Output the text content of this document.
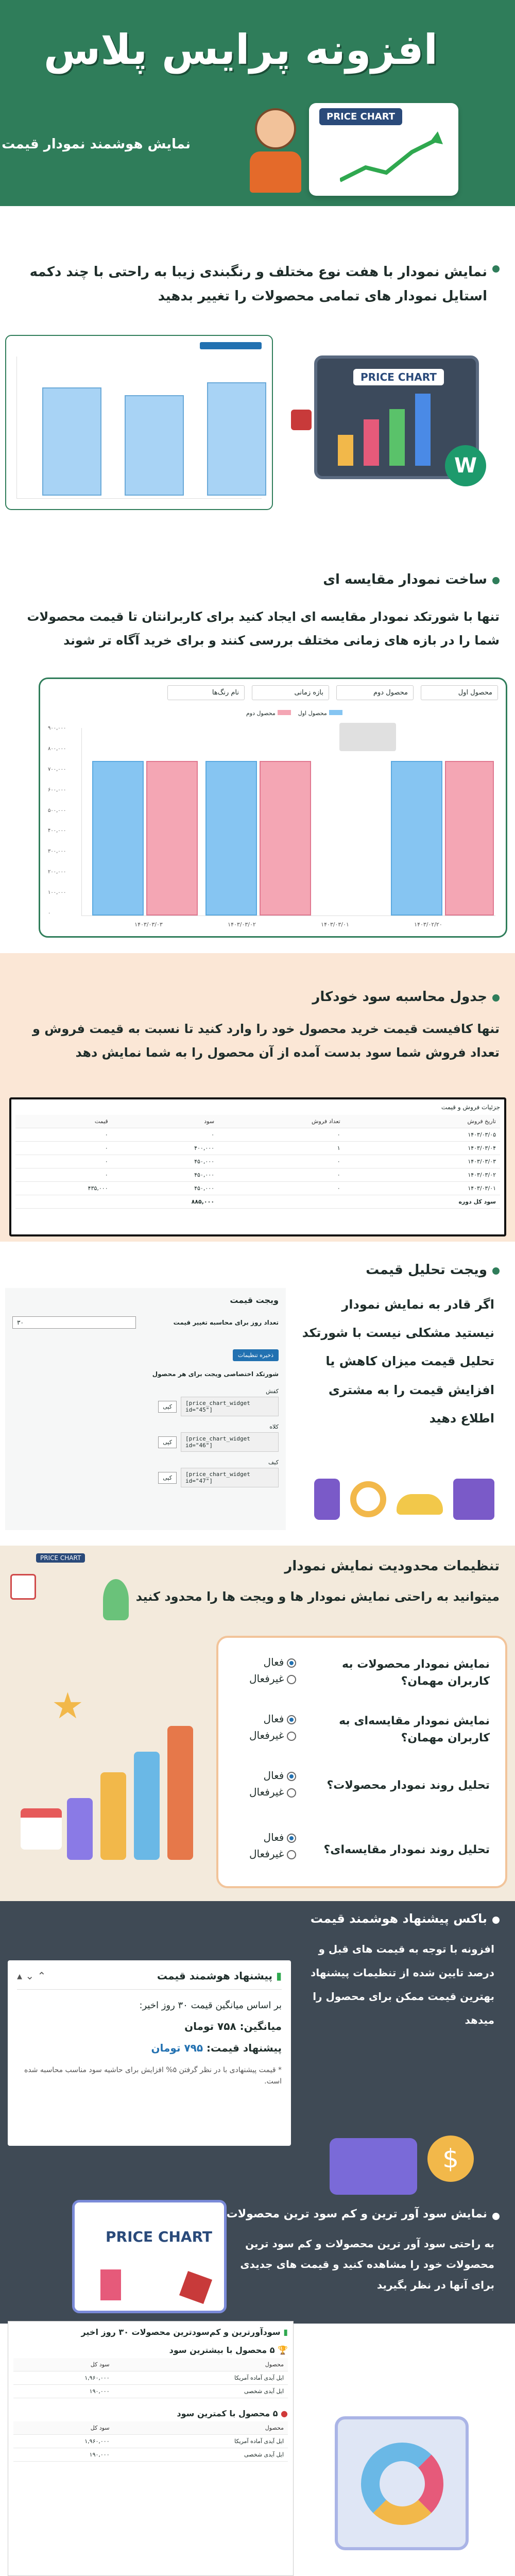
افزونه پرایس پلاس
نمایش هوشمند نمودار قیمت
PRICE CHART
نمایش نمودار با هفت نوع مختلف و رنگبندی زیبا به راحتی با چند دکمه استایل نمودار های تمامی محصولات را تغییر بدهید
PRICE CHART
W
ساخت نمودار مقایسه ای
تنها با شورتکد نمودار مقایسه ای ایجاد کنید برای کاربرانتان تا قیمت محصولات شما را در بازه های زمانی مختلف بررسی کنند و برای خرید آگاه تر شوند
محصول اول
محصول دوم
بازه زمانی
نام رنگ‌ها
محصول اول
محصول دوم
۹۰۰,۰۰۰
۸۰۰,۰۰۰
۷۰۰,۰۰۰
۶۰۰,۰۰۰
۵۰۰,۰۰۰
۴۰۰,۰۰۰
۳۰۰,۰۰۰
۲۰۰,۰۰۰
۱۰۰,۰۰۰
۰
۱۴۰۳/۰۲/۲۰
۱۴۰۳/۰۳/۰۱
۱۴۰۳/۰۳/۰۲
۱۴۰۳/۰۳/۰۳
جدول محاسبه سود خودکار
تنها کافیست قیمت خرید محصول خود را وارد کنید تا نسبت به قیمت فروش و تعداد فروش شما سود بدست آمده از آن محصول را به شما نمایش دهد
جزئیات فروش و قیمت
تاریخ فروش	تعداد فروش	سود	قیمت
۱۴۰۳/۰۳/۰۵	۰	۰	۰
۱۴۰۳/۰۳/۰۴	۱	۴۰۰,۰۰۰	۰
۱۴۰۳/۰۳/۰۳	۰	۴۵۰,۰۰۰	۰
۱۴۰۳/۰۳/۰۲	۰	۴۵۰,۰۰۰	۰
۱۴۰۳/۰۳/۰۱	۰	۴۵۰,۰۰۰	۴۳۵,۰۰۰
سود کل دوره		۸۸۵,۰۰۰	
ویجت تحلیل قیمت
اگر قادر به نمایش نمودار نیستید مشکلی نیست با شورتکد تحلیل قیمت میزان کاهش یا افزایش قیمت را به مشتری اطلاع دهید
ویجت قیمت
تعداد روز برای محاسبه تغییر قیمت
۳۰
ذخیره تنظیمات
شورتکد اختصاصی ویجت برای هر محصول
کفش
[price_chart_widget id="45"]
کپی
کلاه
[price_chart_widget id="46"]
کپی
کیف
[price_chart_widget id="47"]
کپی
تنظیمات محدودیت نمایش نمودار
میتوانید به راحتی نمایش نمودار ها و ویجت ها را محدود کنید
PRICE CHART
نمایش نمودار محصولات به کاربران مهمان؟
فعال
غیرفعال
نمایش نمودار مقایسه‌ای به کاربران مهمان؟
فعال
غیرفعال
تحلیل روند نمودار محصولات؟
فعال
غیرفعال
تحلیل روند نمودار مقایسه‌ای؟
فعال
غیرفعال
★
باکس پیشنهاد هوشمند قیمت
افزونه با توجه به قیمت های قبل و درصد تایین شده از تنظیمات پیشنهاد بهترین قیمت ممکن برای محصول را میدهد
▮ پیشنهاد هوشمند قیمت
⌃ ⌄ ▴
بر اساس میانگین قیمت ۳۰ روز اخیر:
میانگین: ۷۵۸ تومان
پیشنهاد قیمت: ۷۹۵ تومان
* قیمت پیشنهادی با در نظر گرفتن ۵% افزایش برای حاشیه سود مناسب محاسبه شده است.
$
نمایش سود آور ترین و کم سود ترین محصولات
به راحتی سود آور ترین محصولات و کم سود ترین محصولات خود را مشاهده کنید و قیمت های جدیدی برای آنها در نظر بگیرید
PRICE CHART
▮ سودآورترین و کم‌سودترین محصولات ۳۰ روز اخیر
🏆 ۵ محصول با بیشترین سود
محصول	سود کل
ایل آیدی آماده آمریکا	۱,۹۶۰,۰۰۰
ایل آیدی شخصی	۱۹۰,۰۰۰
● ۵ محصول با کمترین سود
محصول	سود کل
ایل آیدی آماده آمریکا	۱,۹۶۰,۰۰۰
ایل آیدی شخصی	۱۹۰,۰۰۰
